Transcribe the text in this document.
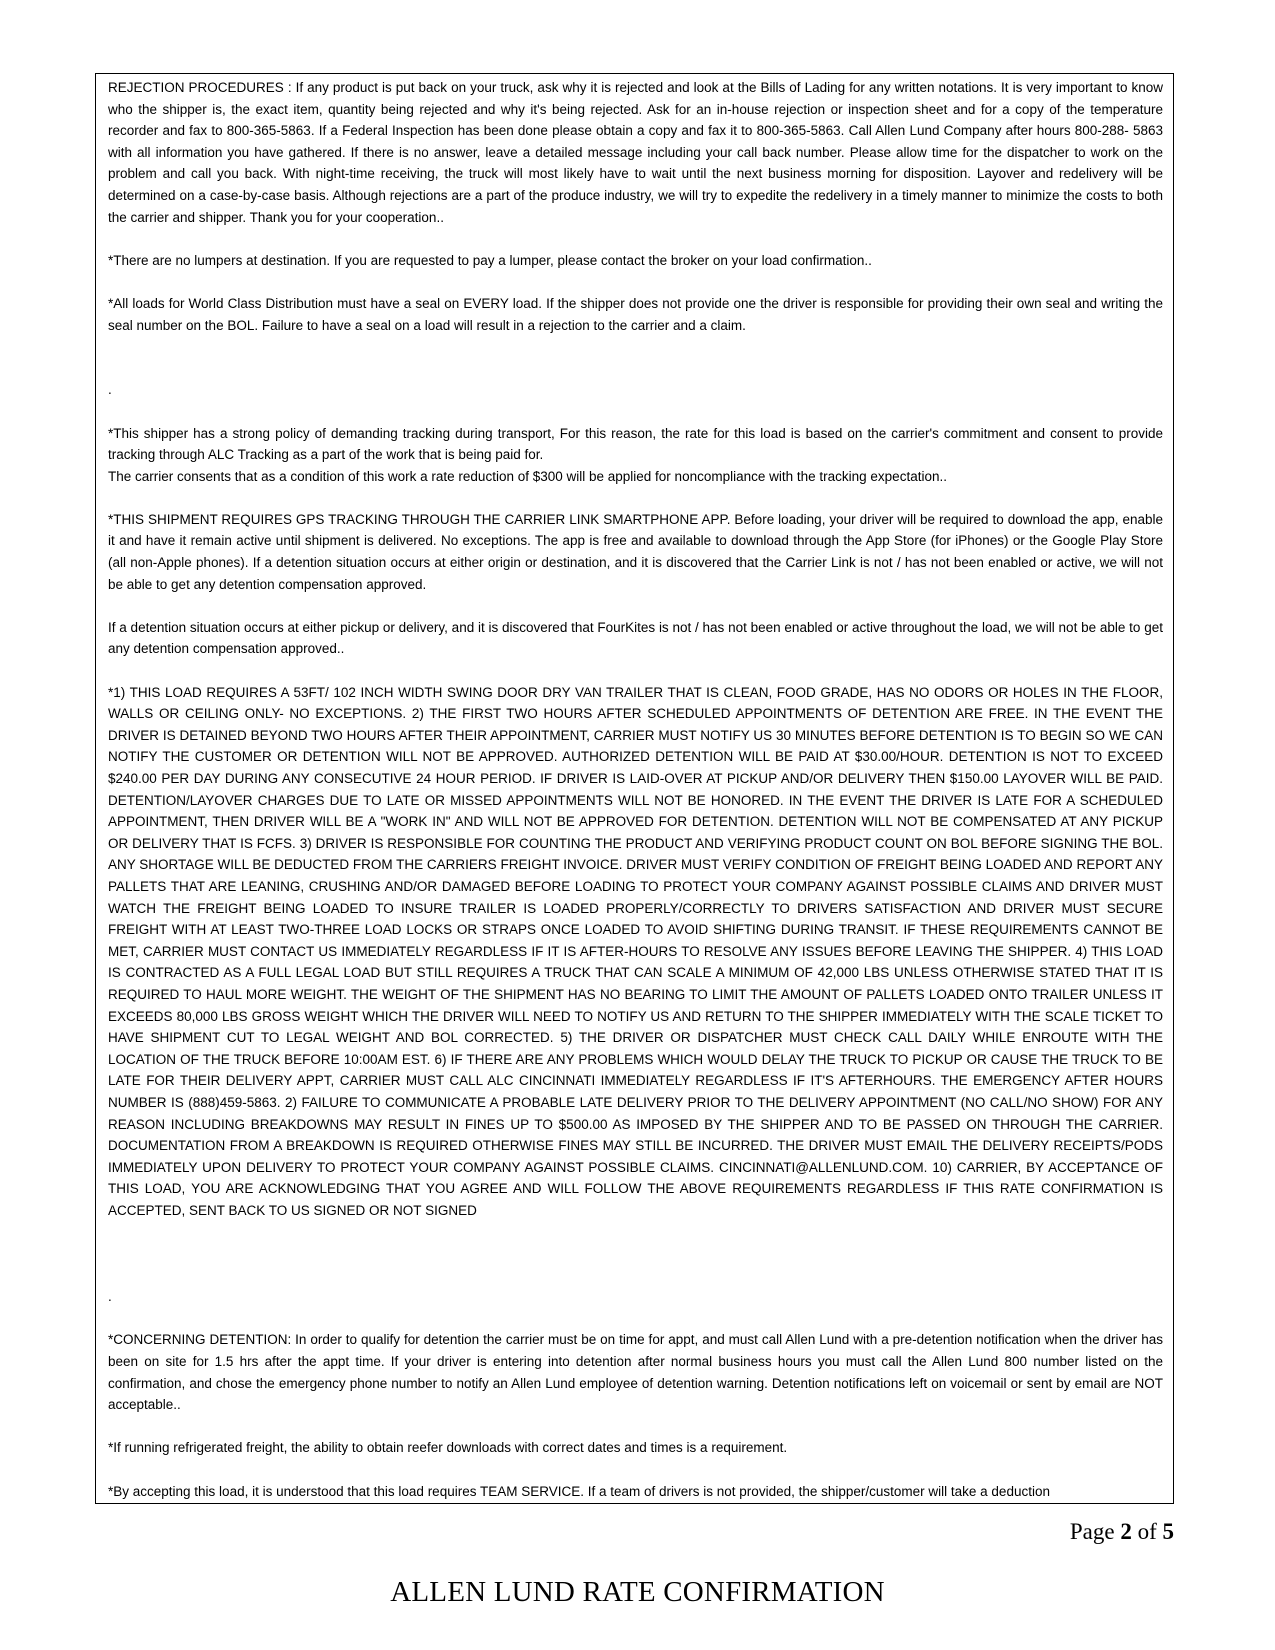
REJECTION PROCEDURES : If any product is put back on your truck, ask why it is rejected and look at the Bills of Lading for any written notations. It is very important to know who the shipper is, the exact item, quantity being rejected and why it's being rejected. Ask for an in-house rejection or inspection sheet and for a copy of the temperature recorder and fax to 800-365-5863. If a Federal Inspection has been done please obtain a copy and fax it to 800-365-5863. Call Allen Lund Company after hours 800-288- 5863 with all information you have gathered. If there is no answer, leave a detailed message including your call back number. Please allow time for the dispatcher to work on the problem and call you back. With night-time receiving, the truck will most likely have to wait until the next business morning for disposition. Layover and redelivery will be determined on a case-by-case basis. Although rejections are a part of the produce industry, we will try to expedite the redelivery in a timely manner to minimize the costs to both the carrier and shipper. Thank you for your cooperation..

*There are no lumpers at destination. If you are requested to pay a lumper, please contact the broker on your load confirmation..

*All loads for World Class Distribution must have a seal on EVERY load. If the shipper does not provide one the driver is responsible for providing their own seal and writing the seal number on the BOL. Failure to have a seal on a load will result in a rejection to the carrier and a claim.

.

*This shipper has a strong policy of demanding tracking during transport, For this reason, the rate for this load is based on the carrier's commitment and consent to provide tracking through ALC Tracking as a part of the work that is being paid for.

The carrier consents that as a condition of this work a rate reduction of $300 will be applied for noncompliance with the tracking expectation..

*THIS SHIPMENT REQUIRES GPS TRACKING THROUGH THE CARRIER LINK SMARTPHONE APP. Before loading, your driver will be required to download the app, enable it and have it remain active until shipment is delivered. No exceptions. The app is free and available to download through the App Store (for iPhones) or the Google Play Store (all non-Apple phones). If a detention situation occurs at either origin or destination, and it is discovered that the Carrier Link is not / has not been enabled or active, we will not be able to get any detention compensation approved.

If a detention situation occurs at either pickup or delivery, and it is discovered that FourKites is not / has not been enabled or active throughout the load, we will not be able to get any detention compensation approved..

*1) THIS LOAD REQUIRES A 53FT/ 102 INCH WIDTH SWING DOOR DRY VAN TRAILER THAT IS CLEAN, FOOD GRADE, HAS NO ODORS OR HOLES IN THE FLOOR, WALLS OR CEILING ONLY- NO EXCEPTIONS. 2) THE FIRST TWO HOURS AFTER SCHEDULED APPOINTMENTS OF DETENTION ARE FREE. IN THE EVENT THE DRIVER IS DETAINED BEYOND TWO HOURS AFTER THEIR APPOINTMENT, CARRIER MUST NOTIFY US 30 MINUTES BEFORE DETENTION IS TO BEGIN SO WE CAN NOTIFY THE CUSTOMER OR DETENTION WILL NOT BE APPROVED. AUTHORIZED DETENTION WILL BE PAID AT $30.00/HOUR. DETENTION IS NOT TO EXCEED $240.00 PER DAY DURING ANY CONSECUTIVE 24 HOUR PERIOD. IF DRIVER IS LAID-OVER AT PICKUP AND/OR DELIVERY THEN $150.00 LAYOVER WILL BE PAID. DETENTION/LAYOVER CHARGES DUE TO LATE OR MISSED APPOINTMENTS WILL NOT BE HONORED. IN THE EVENT THE DRIVER IS LATE FOR A SCHEDULED APPOINTMENT, THEN DRIVER WILL BE A "WORK IN" AND WILL NOT BE APPROVED FOR DETENTION. DETENTION WILL NOT BE COMPENSATED AT ANY PICKUP OR DELIVERY THAT IS FCFS. 3) DRIVER IS RESPONSIBLE FOR COUNTING THE PRODUCT AND VERIFYING PRODUCT COUNT ON BOL BEFORE SIGNING THE BOL. ANY SHORTAGE WILL BE DEDUCTED FROM THE CARRIERS FREIGHT INVOICE. DRIVER MUST VERIFY CONDITION OF FREIGHT BEING LOADED AND REPORT ANY PALLETS THAT ARE LEANING, CRUSHING AND/OR DAMAGED BEFORE LOADING TO PROTECT YOUR COMPANY AGAINST POSSIBLE CLAIMS AND DRIVER MUST WATCH THE FREIGHT BEING LOADED TO INSURE TRAILER IS LOADED PROPERLY/CORRECTLY TO DRIVERS SATISFACTION AND DRIVER MUST SECURE FREIGHT WITH AT LEAST TWO-THREE LOAD LOCKS OR STRAPS ONCE LOADED TO AVOID SHIFTING DURING TRANSIT. IF THESE REQUIREMENTS CANNOT BE MET, CARRIER MUST CONTACT US IMMEDIATELY REGARDLESS IF IT IS AFTER-HOURS TO RESOLVE ANY ISSUES BEFORE LEAVING THE SHIPPER. 4) THIS LOAD IS CONTRACTED AS A FULL LEGAL LOAD BUT STILL REQUIRES A TRUCK THAT CAN SCALE A MINIMUM OF 42,000 LBS UNLESS OTHERWISE STATED THAT IT IS REQUIRED TO HAUL MORE WEIGHT. THE WEIGHT OF THE SHIPMENT HAS NO BEARING TO LIMIT THE AMOUNT OF PALLETS LOADED ONTO TRAILER UNLESS IT EXCEEDS 80,000 LBS GROSS WEIGHT WHICH THE DRIVER WILL NEED TO NOTIFY US AND RETURN TO THE SHIPPER IMMEDIATELY WITH THE SCALE TICKET TO HAVE SHIPMENT CUT TO LEGAL WEIGHT AND BOL CORRECTED. 5) THE DRIVER OR DISPATCHER MUST CHECK CALL DAILY WHILE ENROUTE WITH THE LOCATION OF THE TRUCK BEFORE 10:00AM EST. 6) IF THERE ARE ANY PROBLEMS WHICH WOULD DELAY THE TRUCK TO PICKUP OR CAUSE THE TRUCK TO BE LATE FOR THEIR DELIVERY APPT, CARRIER MUST CALL ALC CINCINNATI IMMEDIATELY REGARDLESS IF IT'S AFTERHOURS. THE EMERGENCY AFTER HOURS NUMBER IS (888)459-5863. 2) FAILURE TO COMMUNICATE A PROBABLE LATE DELIVERY PRIOR TO THE DELIVERY APPOINTMENT (NO CALL/NO SHOW) FOR ANY REASON INCLUDING BREAKDOWNS MAY RESULT IN FINES UP TO $500.00 AS IMPOSED BY THE SHIPPER AND TO BE PASSED ON THROUGH THE CARRIER. DOCUMENTATION FROM A BREAKDOWN IS REQUIRED OTHERWISE FINES MAY STILL BE INCURRED. THE DRIVER MUST EMAIL THE DELIVERY RECEIPTS/PODS IMMEDIATELY UPON DELIVERY TO PROTECT YOUR COMPANY AGAINST POSSIBLE CLAIMS. CINCINNATI@ALLENLUND.COM. 10) CARRIER, BY ACCEPTANCE OF THIS LOAD, YOU ARE ACKNOWLEDGING THAT YOU AGREE AND WILL FOLLOW THE ABOVE REQUIREMENTS REGARDLESS IF THIS RATE CONFIRMATION IS ACCEPTED, SENT BACK TO US SIGNED OR NOT SIGNED

.

*CONCERNING DETENTION: In order to qualify for detention the carrier must be on time for appt, and must call Allen Lund with a pre-detention notification when the driver has been on site for 1.5 hrs after the appt time. If your driver is entering into detention after normal business hours you must call the Allen Lund 800 number listed on the confirmation, and chose the emergency phone number to notify an Allen Lund employee of detention warning. Detention notifications left on voicemail or sent by email are NOT acceptable..

*If running refrigerated freight, the ability to obtain reefer downloads with correct dates and times is a requirement.

*By accepting this load, it is understood that this load requires TEAM SERVICE. If a team of drivers is not provided, the shipper/customer will take a deduction

Page 2 of 5
ALLEN LUND RATE CONFIRMATION
